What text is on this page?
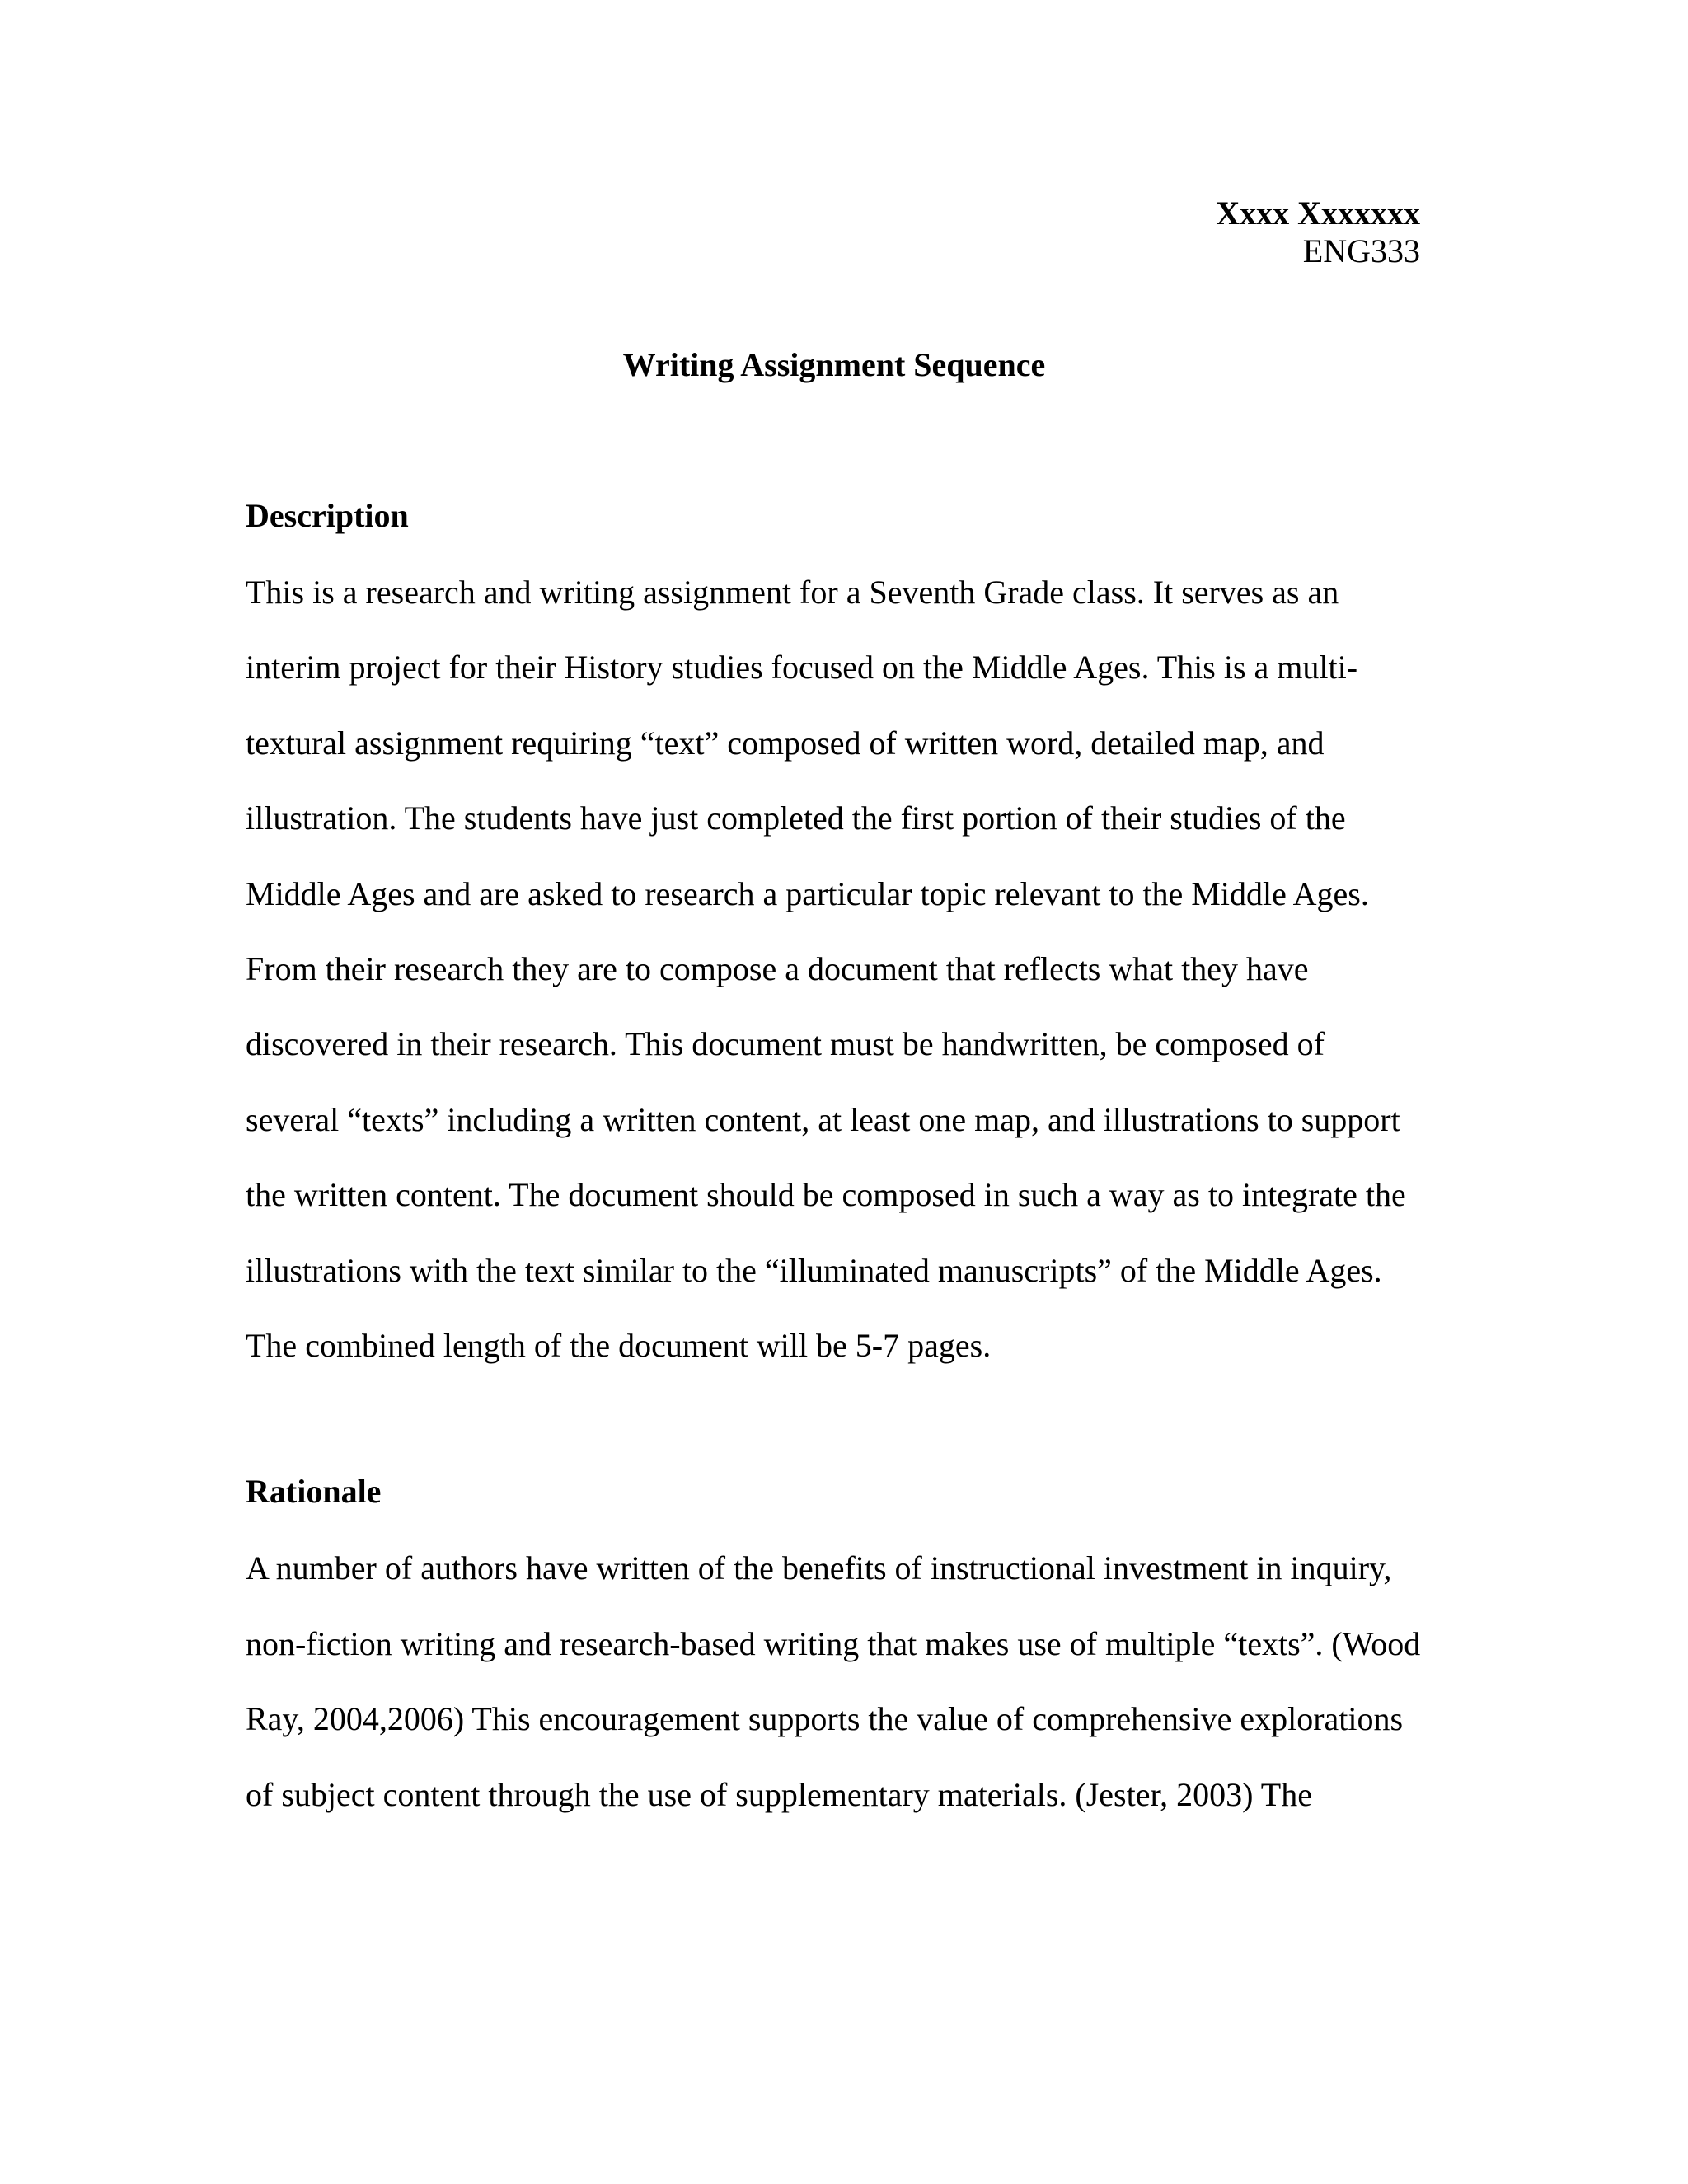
Xxxx Xxxxxxx
ENG333
Writing Assignment Sequence
Description
This is a research and writing assignment for a Seventh Grade class. It serves as an
interim project for their History studies focused on the Middle Ages. This is a multi-
textural assignment requiring “text” composed of written word, detailed map, and
illustration. The students have just completed the first portion of their studies of the
Middle Ages and are asked to research a particular topic relevant to the Middle Ages.
From their research they are to compose a document that reflects what they have
discovered in their research. This document must be handwritten, be composed of
several “texts” including a written content, at least one map, and illustrations to support
the written content. The document should be composed in such a way as to integrate the
illustrations with the text similar to the “illuminated manuscripts” of the Middle Ages.
The combined length of the document will be 5-7 pages.
Rationale
A number of authors have written of the benefits of instructional investment in inquiry,
non-fiction writing and research-based writing that makes use of multiple “texts”. (Wood
Ray, 2004,2006) This encouragement supports the value of comprehensive explorations
of subject content through the use of supplementary materials. (Jester, 2003) The
